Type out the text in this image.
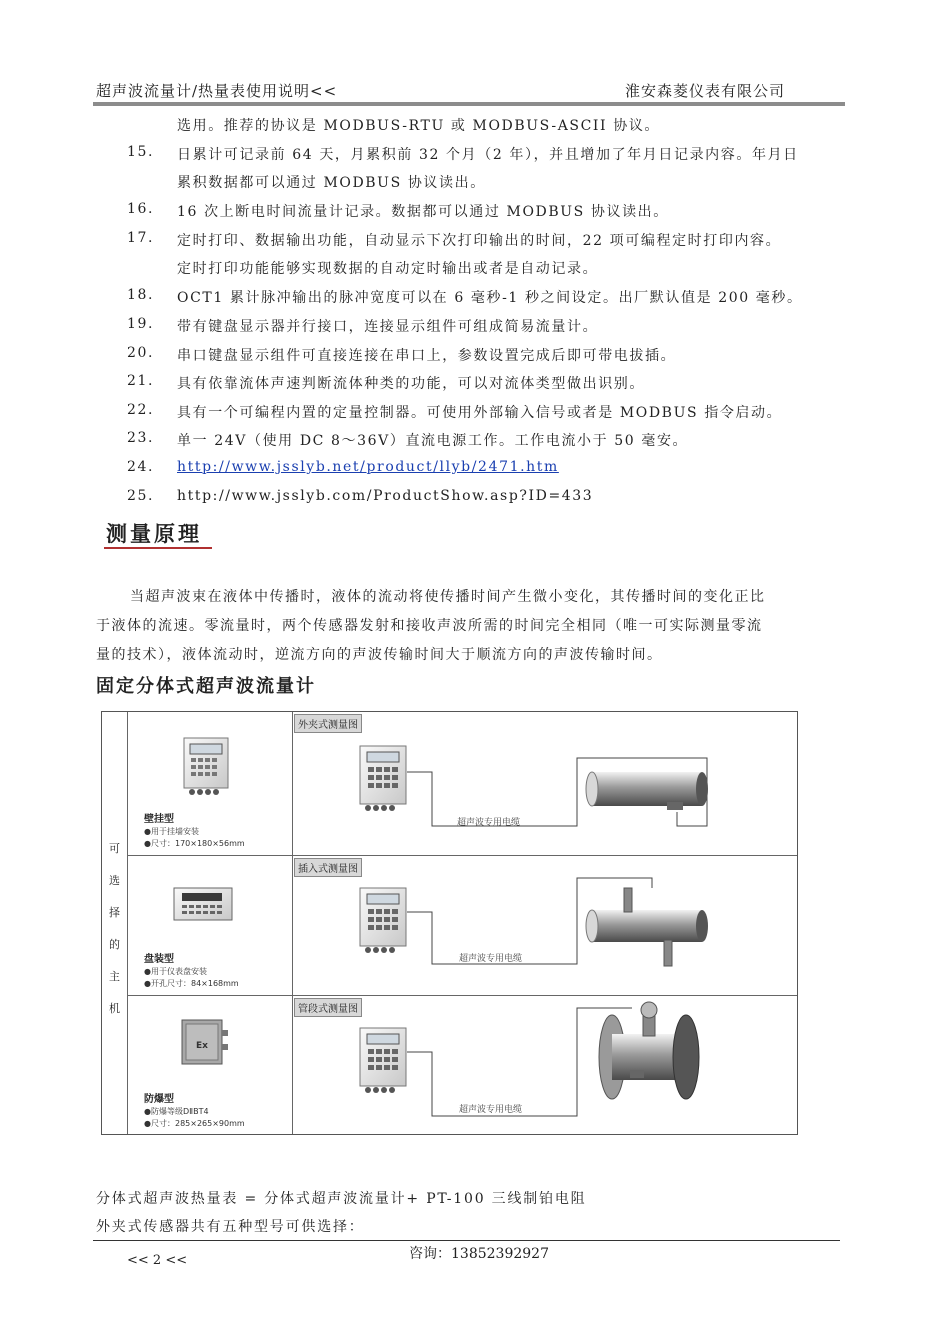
超声波流量计/热量表使用说明<<	淮安森菱仪表有限公司
选用。推荐的协议是 MODBUS-RTU 或 MODBUS-ASCII 协议。
15. 日累计可记录前 64 天，月累积前 32 个月（2 年），并且增加了年月日记录内容。年月日
累积数据都可以通过 MODBUS 协议读出。
16. 16 次上断电时间流量计记录。数据都可以通过 MODBUS 协议读出。
17. 定时打印、数据输出功能，自动显示下次打印输出的时间，22 项可编程定时打印内容。
定时打印功能能够实现数据的自动定时输出或者是自动记录。
18. OCT1 累计脉冲输出的脉冲宽度可以在 6 毫秒-1 秒之间设定。出厂默认值是 200 毫秒。
19. 带有键盘显示器并行接口，连接显示组件可组成简易流量计。
20. 串口键盘显示组件可直接连接在串口上，参数设置完成后即可带电拔插。
21. 具有依靠流体声速判断流体种类的功能，可以对流体类型做出识别。
22. 具有一个可编程内置的定量控制器。可使用外部输入信号或者是 MODBUS 指令启动。
23. 单一 24V（使用 DC 8～36V）直流电源工作。工作电流小于 50 毫安。
24. http://www.jsslyb.net/product/llyb/2471.htm
25. http://www.jsslyb.com/ProductShow.asp?ID=433
测量原理
当超声波束在液体中传播时，液体的流动将使传播时间产生微小变化，其传播时间的变化正比
于液体的流速。零流量时，两个传感器发射和接收声波所需的时间完全相同（唯一可实际测量零流
量的技术），液体流动时，逆流方向的声波传输时间大于顺流方向的声波传输时间。
固定分体式超声波流量计
可
选
择
的
主
机
壁挂型
●用于挂墙安装
●尺寸：170×180×56mm
盘装型
●用于仪表盘安装
●开孔尺寸：84×168mm
防爆型
●防爆等级DⅡBT4
●尺寸：285×265×90mm
外夹式测量图
插入式测量图
管段式测量图
超声波专用电缆
超声波专用电缆
超声波专用电缆
Ex
分体式超声波热量表 = 分体式超声波流量计+ PT-100 三线制铂电阻
外夹式传感器共有五种型号可供选择：
<< 2 <<	咨询：13852392927
